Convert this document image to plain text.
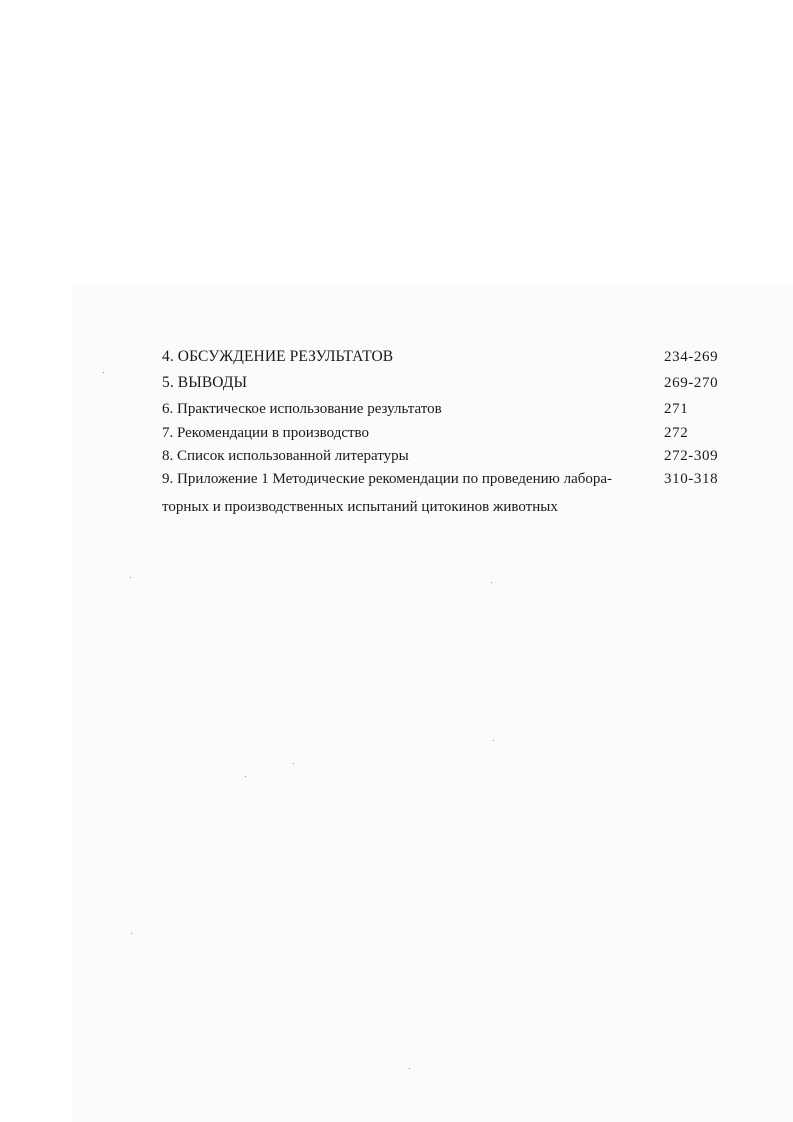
4. ОБСУЖДЕНИЕ РЕЗУЛЬТАТОВ	234-269
5. ВЫВОДЫ	269-270
6. Практическое использование результатов	271
7. Рекомендации в производство	272
8. Список использованной литературы	272-309
9. Приложение 1 Методические рекомендации по проведению лабора-	310-318
торных и производственных испытаний цитокинов животных
